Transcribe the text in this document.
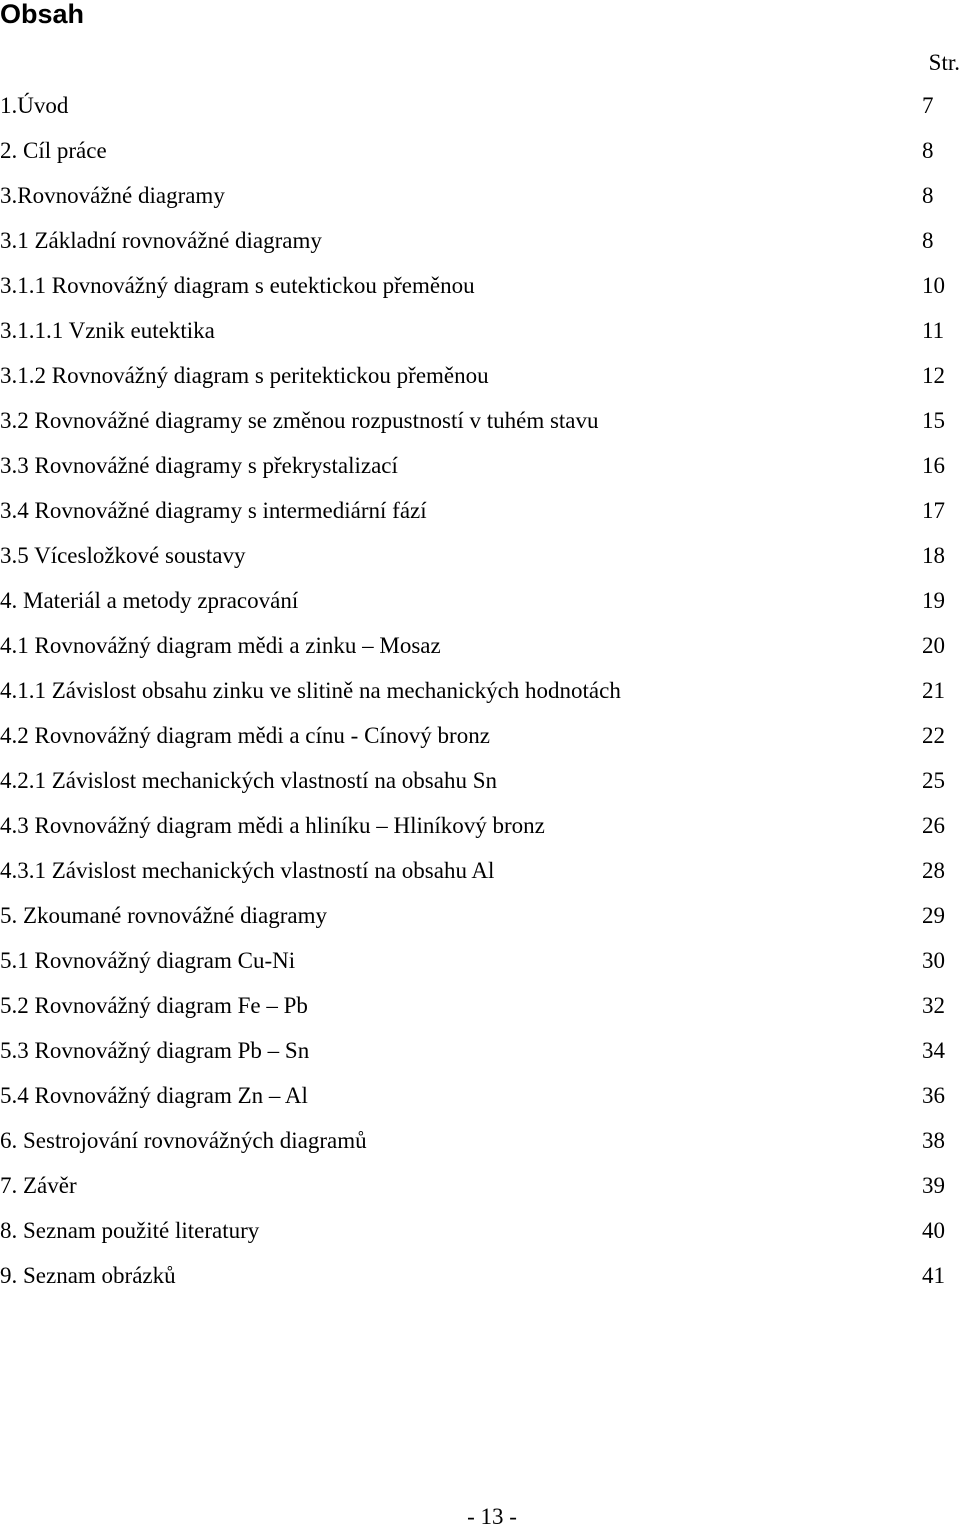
Obsah
Str.
1.Úvod	7
2. Cíl práce	8
3.Rovnovážné diagramy	8
3.1 Základní rovnovážné diagramy	8
3.1.1 Rovnovážný diagram s eutektickou přeměnou	10
3.1.1.1 Vznik eutektika	11
3.1.2 Rovnovážný diagram s peritektickou přeměnou	12
3.2 Rovnovážné diagramy se změnou rozpustností v tuhém stavu	15
3.3 Rovnovážné diagramy s překrystalizací	16
3.4 Rovnovážné diagramy s intermediární fází	17
3.5 Vícesložkové soustavy	18
4. Materiál a metody zpracování	19
4.1 Rovnovážný diagram mědi a zinku – Mosaz	20
4.1.1 Závislost obsahu zinku ve slitině na mechanických hodnotách	21
4.2 Rovnovážný diagram mědi a cínu - Cínový bronz	22
4.2.1 Závislost mechanických vlastností na obsahu Sn	25
4.3 Rovnovážný diagram mědi a hliníku – Hliníkový bronz	26
4.3.1 Závislost mechanických vlastností na obsahu Al	28
5. Zkoumané rovnovážné diagramy	29
5.1 Rovnovážný diagram Cu-Ni	30
5.2 Rovnovážný diagram Fe – Pb	32
5.3 Rovnovážný diagram Pb – Sn	34
5.4 Rovnovážný diagram Zn – Al	36
6. Sestrojování rovnovážných diagramů	38
7. Závěr	39
8. Seznam použité literatury	40
9. Seznam obrázků	41
- 13 -
